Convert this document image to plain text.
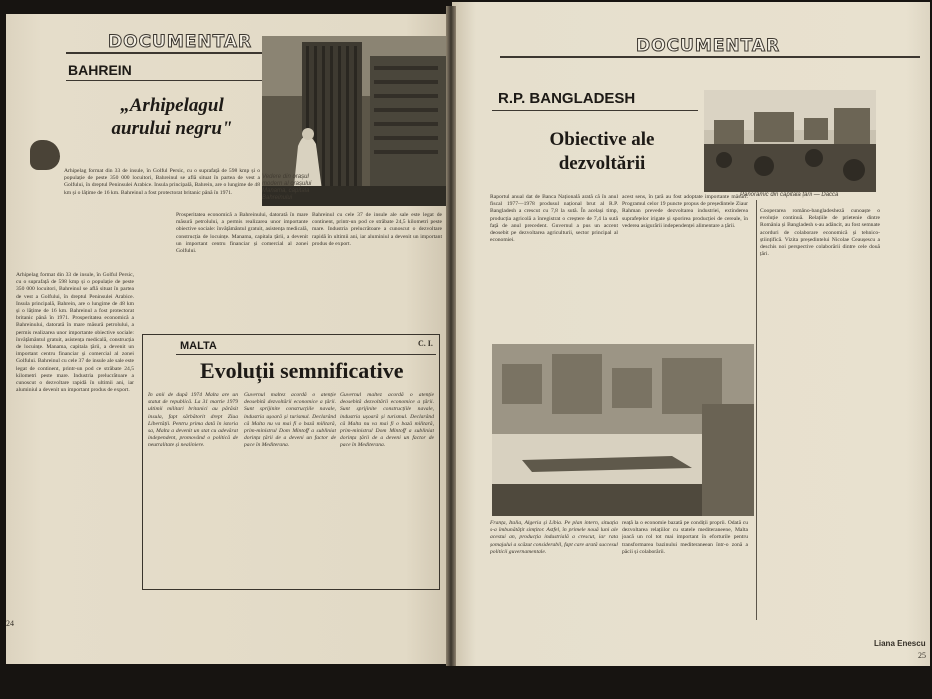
DOCUMENTAR
BAHREIN
„Arhipelagul aurului negru"
Arhipelag format din 33 de insule, în Golful Persic, cu o suprafață de 598 kmp și o populație de peste 350 000 locuitori, Bahreinul se află situat în partea de vest a Golfului, în dreptul Peninsulei Arabice. Insula principală, Bahrein, are o lungime de 48 km și o lățime de 16 km. Bahreinul a fost protectorat britanic până în 1971.
Arhipelag format din 33 de insule, în Golful Persic, cu o suprafață de 598 kmp și o populație de peste 350 000 locuitori, Bahreinul se află situat în partea de vest a Golfului, în dreptul Peninsulei Arabice. Insula principală, Bahrein, are o lungime de 48 km și o lățime de 16 km. Bahreinul a fost protectorat britanic până în 1971. Prosperitatea economică a Bahreinului, datorată în mare măsură petrolului, a permis realizarea unor importante obiective sociale: învățământul gratuit, asistența medicală, construcția de locuințe. Manama, capitala țării, a devenit un important centru financiar și comercial al zonei Golfului. Bahreinul cu cele 37 de insule ale sale este legat de continent, printr-un pod ce străbate 24,5 kilometri peste mare. Industria prelucrătoare a cunoscut o dezvoltare rapidă în ultimii ani, iar aluminiul a devenit un important produs de export.
Vedere din orașul modern al orașului Manama, capitala Bahreinului
Prosperitatea economică a Bahreinului, datorată în mare măsură petrolului, a permis realizarea unor importante obiective sociale: învățământul gratuit, asistența medicală, construcția de locuințe. Manama, capitala țării, a devenit un important centru financiar și comercial al zonei Golfului.
Bahreinul cu cele 37 de insule ale sale este legat de continent, printr-un pod ce străbate 24,5 kilometri peste mare. Industria prelucrătoare a cunoscut o dezvoltare rapidă în ultimii ani, iar aluminiul a devenit un important produs de export.
C. I.
MALTA
Evoluții semnificative
În anii de după 1974 Malta are un statut de republică. La 31 martie 1979 ultimii militari britanici au părăsit insula, fapt sărbătorit drept Ziua Libertății. Pentru prima dată în istoria sa, Malta a devenit un stat cu adevărat independent, promovând o politică de neutralitate și nealiniere.
Guvernul maltez acordă o atenție deosebită dezvoltării economice a țării. Sunt sprijinite construcțiile navale, industria ușoară și turismul. Declarând că Malta nu va mai fi o bază militară, prim-ministrul Dom Mintoff a subliniat dorința țării de a deveni un factor de pace în Mediterana.
Guvernul maltez acordă o atenție deosebită dezvoltării economice a țării. Sunt sprijinite construcțiile navale, industria ușoară și turismul. Declarând că Malta nu va mai fi o bază militară, prim-ministrul Dom Mintoff a subliniat dorința țării de a deveni un factor de pace în Mediterana.
24
DOCUMENTAR
R.P. BANGLADESH
Obiective ale dezvoltării
Panoramic din capitala țării — Dacca
Raportul anual dat de Banca Națională arată că în anul fiscal 1977—1978 produsul național brut al R.P. Bangladesh a crescut cu 7,8 la sută. În același timp, producția agricolă a înregistrat o creștere de 7,4 la sută față de anul precedent. Guvernul a pus un accent deosebit pe dezvoltarea agriculturii, sector principal al economiei.
acest sens, în țară au fost adoptate importante măsuri. Programul celor 19 puncte propus de președintele Ziaur Rahman prevede dezvoltarea industriei, extinderea suprafețelor irigate și sporirea producției de cereale, în vederea asigurării independenței alimentare a țării.
Cooperarea româno-bangladesheză cunoaște o evoluție continuă. Relațiile de prietenie dintre România și Bangladesh s-au adâncit, au fost semnate acorduri de colaborare economică și tehnico-științifică. Vizita președintelui Nicolae Ceaușescu a deschis noi perspective colaborării dintre cele două țări.
Franța, Italia, Algeria și Libia. Pe plan intern, situația s-a îmbunătățit simțitor. Astfel, în primele nouă luni ale acestui an, producția industrială a crescut, iar rata șomajului a scăzut considerabil, fapt care arată succesul politicii guvernamentale.
reață la o economie bazată pe condiții proprii. Odată cu dezvoltarea relațiilor cu statele mediteraneene, Malta joacă un rol tot mai important în eforturile pentru transformarea bazinului mediteraneean într-o zonă a păcii și colaborării.
Liana Enescu
25
